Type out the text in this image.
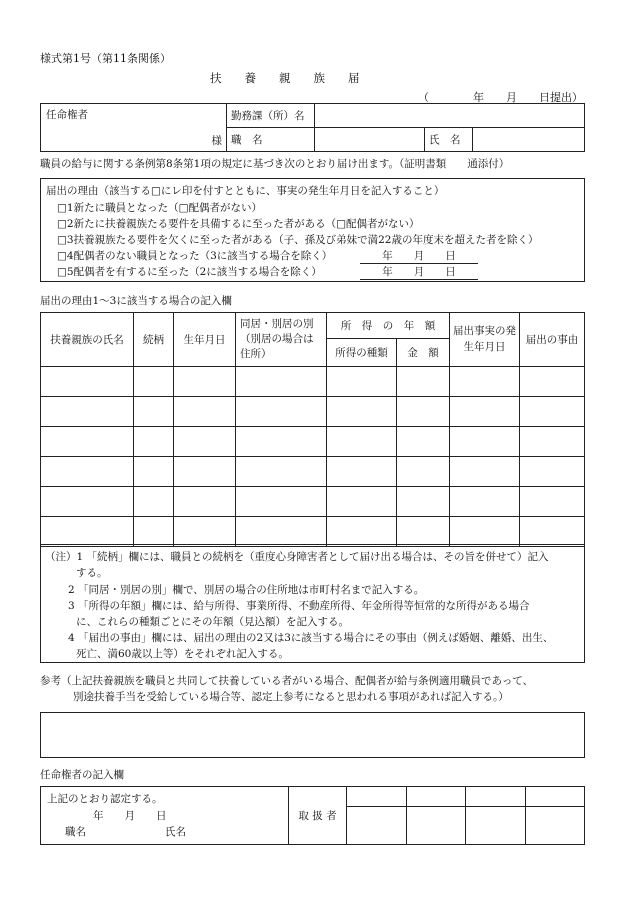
様式第1号（第11条関係）
扶　　養　　親　　族　　届
（　　　　年　　月　　日提出）
任命権者
様	勤務課（所）名			
	職　名		氏　名	
職員の給与に関する条例第8条第1項の規定に基づき次のとおり届け出ます。（証明書類　　通添付）
届出の理由（該当する□にレ印を付すとともに、事実の発生年月日を記入すること）
□1新たに職員となった（□配偶者がない）
□2新たに扶養親族たる要件を具備するに至った者がある（□配偶者がない）
□3扶養親族たる要件を欠くに至った者がある（子、孫及び弟妹で満22歳の年度末を超えた者を除く）
□4配偶者のない職員となった（3に該当する場合を除く）
□5配偶者を有するに至った（2に該当する場合を除く）
年　　月　　日
年　　月　　日
届出の理由1～3に該当する場合の記入欄
扶養親族の氏名	続柄	生年月日	同居・別居の別（別居の場合は住所）	所　得　の　年　額		届出事実の発生年月日	届出の事由
				所得の種類	金　額		

（注）1 「続柄」欄には、職員との続柄を（重度心身障害者として届け出る場合は、その旨を併せて）記入
する。
2 「同居・別居の別」欄で、別居の場合の住所地は市町村名まで記入する。
3 「所得の年額」欄には、給与所得、事業所得、不動産所得、年金所得等恒常的な所得がある場合
に、これらの種類ごとにその年額（見込額）を記入する。
4 「届出の事由」欄には、届出の理由の2又は3に該当する場合にその事由（例えば婚姻、離婚、出生、
死亡、満60歳以上等）をそれぞれ記入する。
参考（上記扶養親族を職員と共同して扶養している者がいる場合、配偶者が給与条例適用職員であって、
別途扶養手当を受給している場合等、認定上参考になると思われる事項があれば記入する。）
任命権者の記入欄
上記のとおり認定する。
年　　月　　日
職名 氏名	取 扱 者				
